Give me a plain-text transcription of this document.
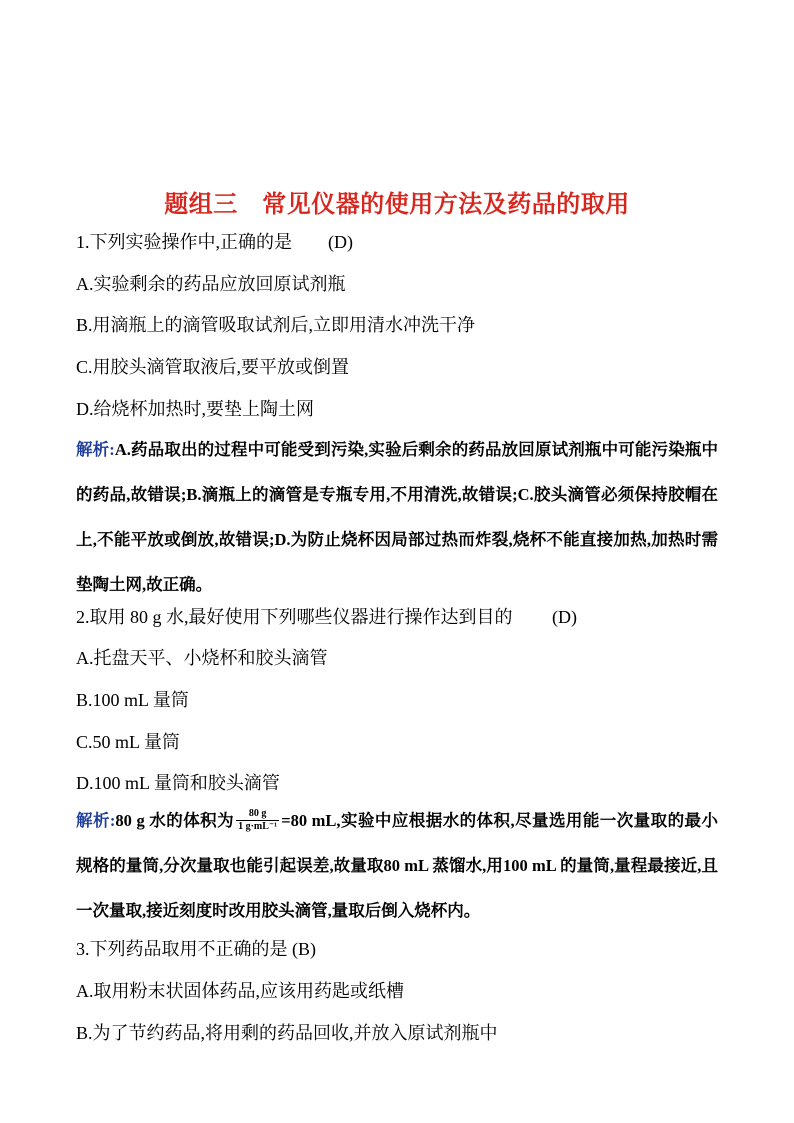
题组三　常见仪器的使用方法及药品的取用
1.下列实验操作中,正确的是 (D)
A.实验剩余的药品应放回原试剂瓶
B.用滴瓶上的滴管吸取试剂后,立即用清水冲洗干净
C.用胶头滴管取液后,要平放或倒置
D.给烧杯加热时,要垫上陶土网
解析:A.药品取出的过程中可能受到污染,实验后剩余的药品放回原试剂瓶中可能污染瓶中的药品,故错误;B.滴瓶上的滴管是专瓶专用,不用清洗,故错误;C.胶头滴管必须保持胶帽在上,不能平放或倒放,故错误;D.为防止烧杯因局部过热而炸裂,烧杯不能直接加热,加热时需垫陶土网,故正确。
2.取用 80 g 水,最好使用下列哪些仪器进行操作达到目的 (D)
A.托盘天平、小烧杯和胶头滴管
B.100 mL 量筒
C.50 mL 量筒
D.100 mL 量筒和胶头滴管
解析:80 g 水的体积为 $\frac{80 g}{\text{1 g·mL⁻¹}} =80$ mL,实验中应根据水的体积,尽量选用能一次量取的最小规格的量筒,分次量取也能引起误差,故量取80 mL 蒸馏水,用100 mL 的量筒,量程最接近,且一次量取,接近刻度时改用胶头滴管,量取后倒入烧杯内。
3.下列药品取用不正确的是 (B)
A.取用粉末状固体药品,应该用药匙或纸槽
B.为了节约药品,将用剩的药品回收,并放入原试剂瓶中
